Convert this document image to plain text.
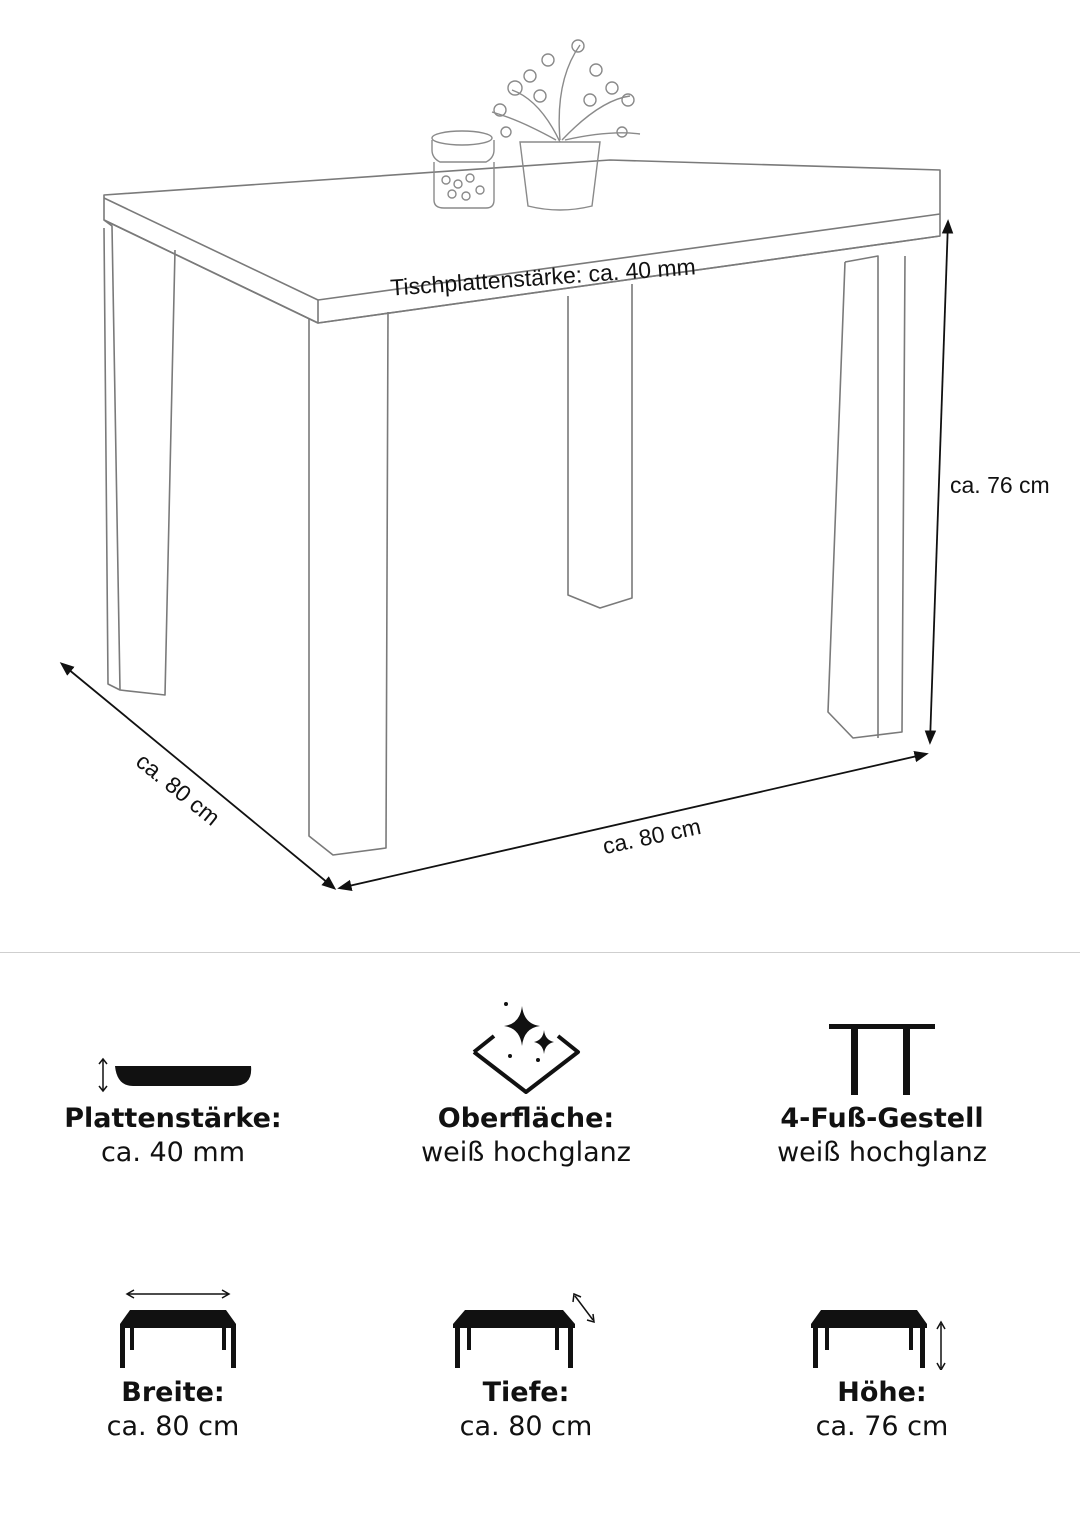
Tischplattenstärke: ca. 40 mm
ca. 76 cm
ca. 80 cm
ca. 80 cm
Plattenstärke:
ca. 40 mm
Oberfläche:
weiß hochglanz
4-Fuß-Gestell
weiß hochglanz
Breite:
ca. 80 cm
Tiefe:
ca. 80 cm
Höhe:
ca. 76 cm
